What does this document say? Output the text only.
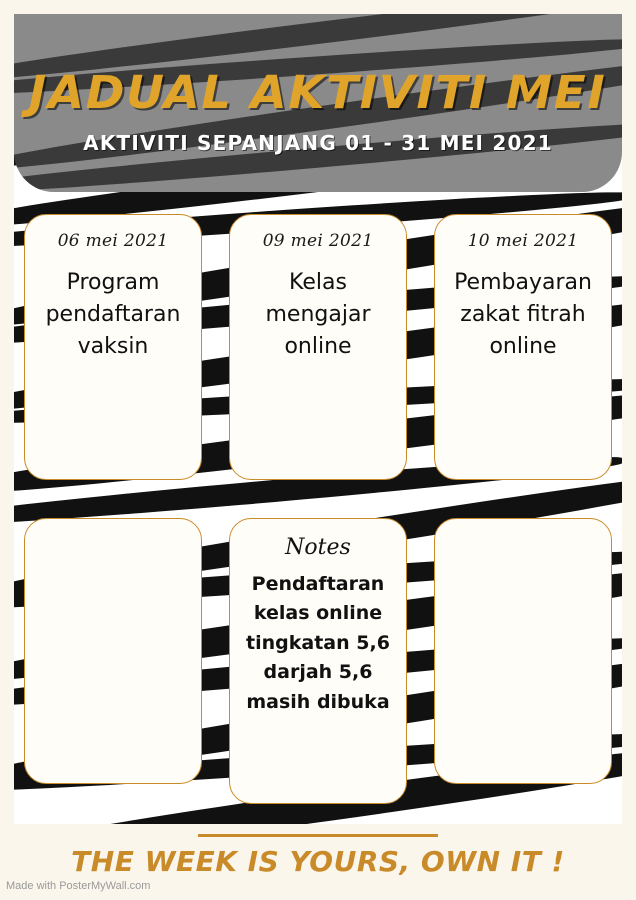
JADUAL AKTIVITI MEI
AKTIVITI SEPANJANG 01 - 31 MEI 2021
06 mei 2021
Program pendaftaran vaksin
09 mei 2021
Kelas mengajar online
10 mei 2021
Pembayaran zakat fitrah online
Notes
Pendaftaran kelas online tingkatan 5,6 darjah 5,6 masih dibuka
THE WEEK IS YOURS, OWN IT !
Made with PosterMyWall.com
